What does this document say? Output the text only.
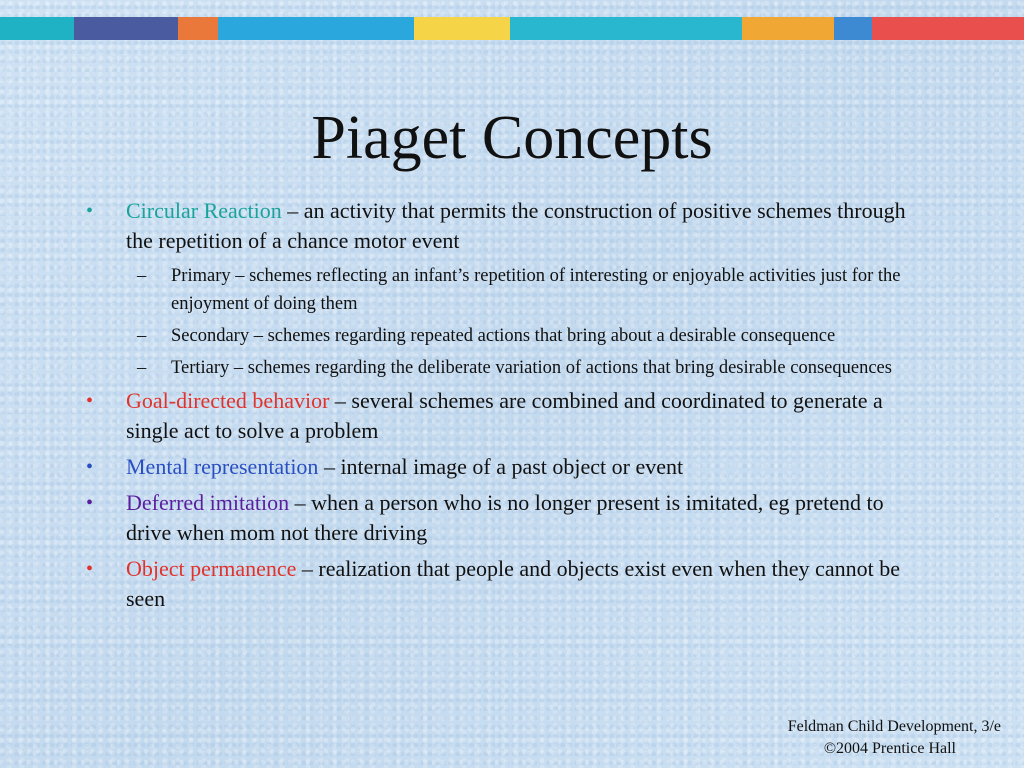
Piaget Concepts
• Circular Reaction – an activity that permits the construction of positive schemes through the repetition of a chance motor event
– Primary – schemes reflecting an infant’s repetition of interesting or enjoyable activities just for the enjoyment of doing them
– Secondary – schemes regarding repeated actions that bring about a desirable consequence
– Tertiary – schemes regarding the deliberate variation of actions that bring desirable consequences
• Goal-directed behavior – several schemes are combined and coordinated to generate a single act to solve a problem
• Mental representation – internal image of a past object or event
• Deferred imitation – when a person who is no longer present is imitated, eg pretend to drive when mom not there driving
• Object permanence – realization that people and objects exist even when they cannot be seen
Feldman Child Development, 3/e
©2004 Prentice Hall
